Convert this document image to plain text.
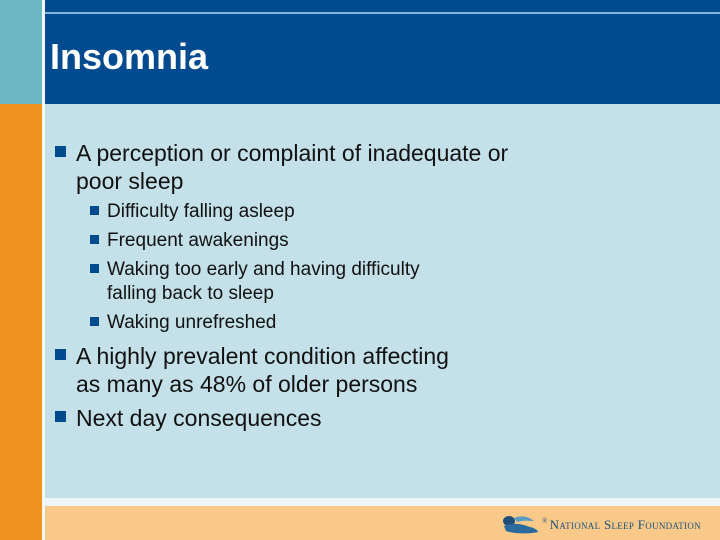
Insomnia
A perception or complaint of inadequate or
poor sleep
Difficulty falling asleep
Frequent awakenings
Waking too early and having difficulty
falling back to sleep
Waking unrefreshed
A highly prevalent condition affecting
as many as 48% of older persons
Next day consequences
® National Sleep Foundation
